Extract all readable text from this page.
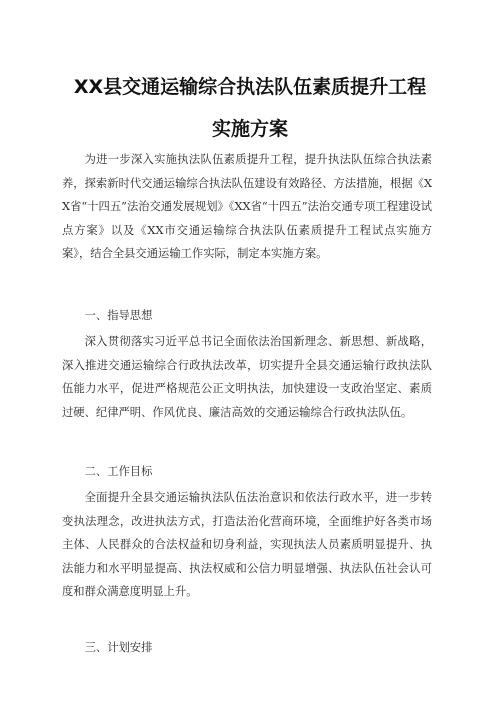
XX县交通运输综合执法队伍素质提升工程
实施方案

为进一步深入实施执法队伍素质提升工程，提升执法队伍综合执法素养，探索新时代交通运输综合执法队伍建设有效路径、方法措施，根据《XX省“十四五”法治交通发展规划》《XX省“十四五”法治交通专项工程建设试点方案》以及《XX市交通运输综合执法队伍素质提升工程试点实施方案》，结合全县交通运输工作实际，制定本实施方案。

一、指导思想

深入贯彻落实习近平总书记全面依法治国新理念、新思想、新战略，深入推进交通运输综合行政执法改革，切实提升全县交通运输行政执法队伍能力水平，促进严格规范公正文明执法，加快建设一支政治坚定、素质过硬、纪律严明、作风优良、廉洁高效的交通运输综合行政执法队伍。

二、工作目标

全面提升全县交通运输执法队伍法治意识和依法行政水平，进一步转变执法理念，改进执法方式，打造法治化营商环境，全面维护好各类市场主体、人民群众的合法权益和切身利益，实现执法人员素质明显提升、执法能力和水平明显提高、执法权威和公信力明显增强、执法队伍社会认可度和群众满意度明显上升。

三、计划安排
